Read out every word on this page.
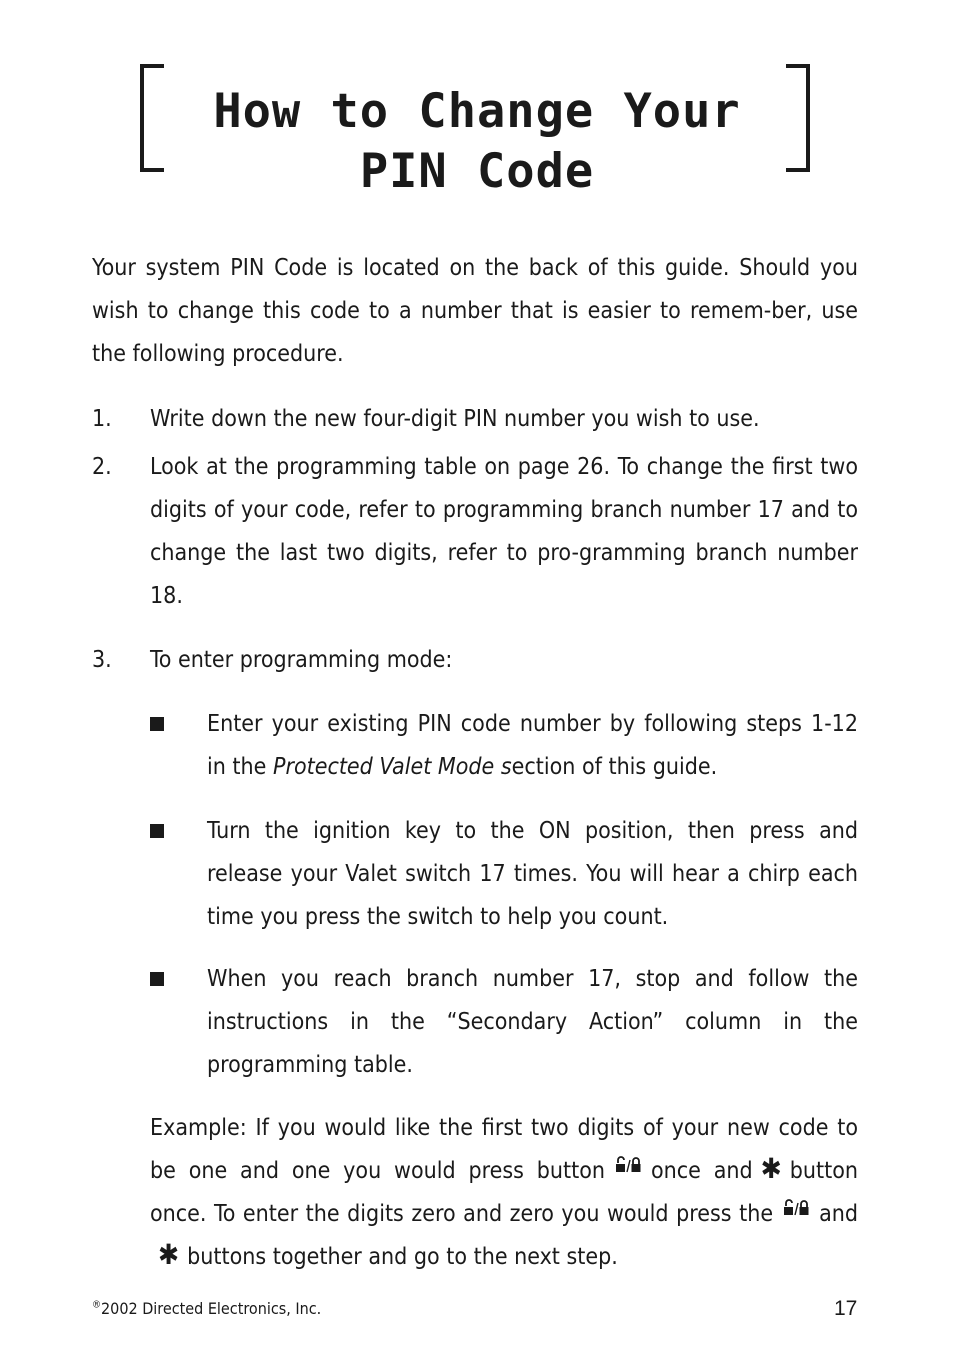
How to Change Your
PIN Code

Your system PIN Code is located on the back of this guide. Should you wish to change this code to a number that is easier to remem-ber, use the following procedure.

1. Write down the new four-digit PIN number you wish to use.
2. Look at the programming table on page 26. To change the first two digits of your code, refer to programming branch number 17 and to change the last two digits, refer to pro-gramming branch number 18.
3. To enter programming mode:
Enter your existing PIN code number by following steps 1-12 in the Protected Valet Mode section of this guide.
Turn the ignition key to the ON position, then press and release your Valet switch 17 times. You will hear a chirp each time you press the switch to help you count.
When you reach branch number 17, stop and follow the instructions in the “Secondary Action” column in the programming table.
Example: If you would like the first two digits of your new code to be one and one you would press button once and ✱ button once. To enter the digits zero and zero you would press the and✱ buttons together and go to the next step.
®2002 Directed Electronics, Inc.	17
